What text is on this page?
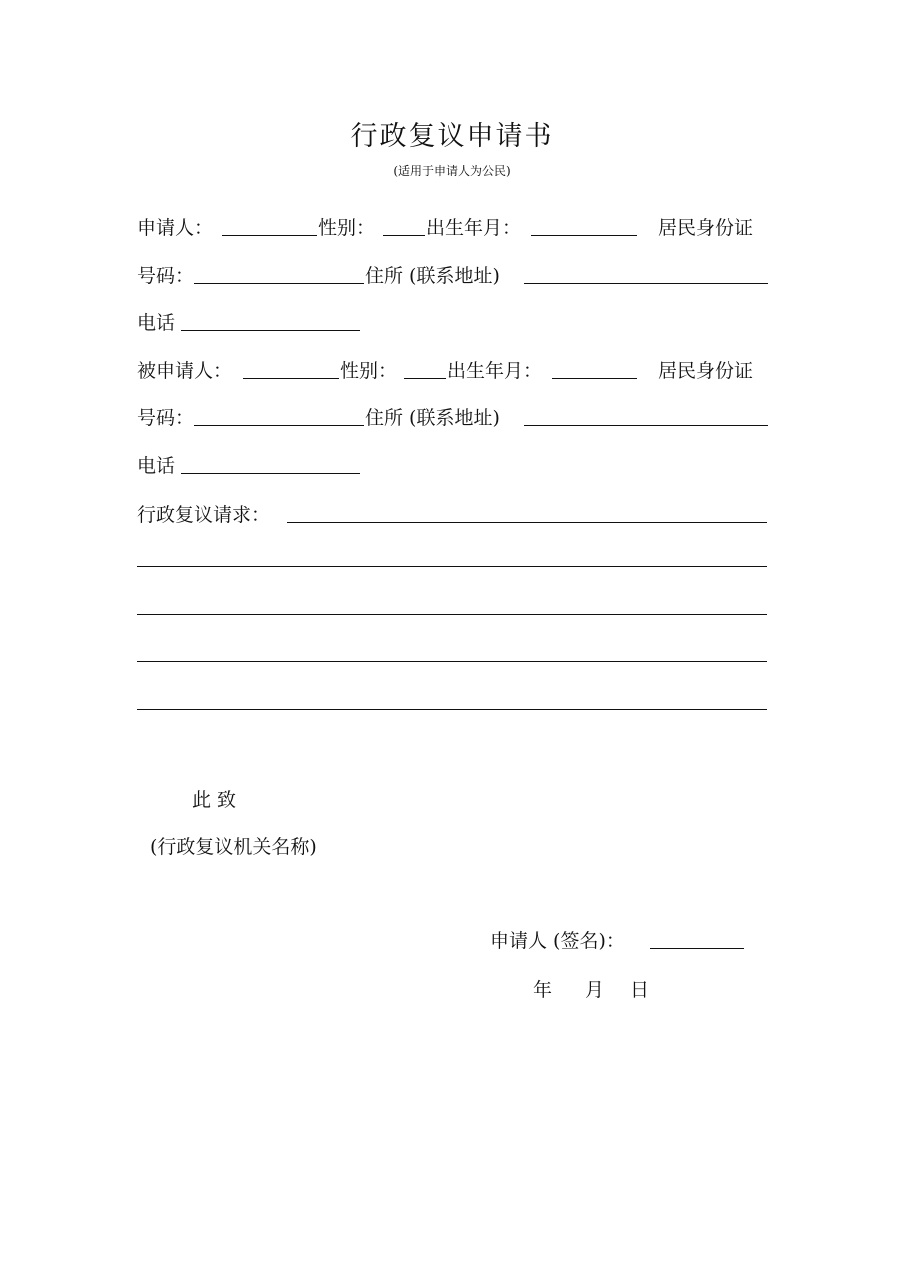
行政复议申请书
(适用于申请人为公民)
申请人：	性别：	出生年月：	居民身份证
号码：	住所 (联系地址)
电话
被申请人：	性别：	出生年月：	居民身份证
号码：	住所 (联系地址)
电话
行政复议请求：
此 致
(行政复议机关名称)
申请人 (签名)：
年 月 日
